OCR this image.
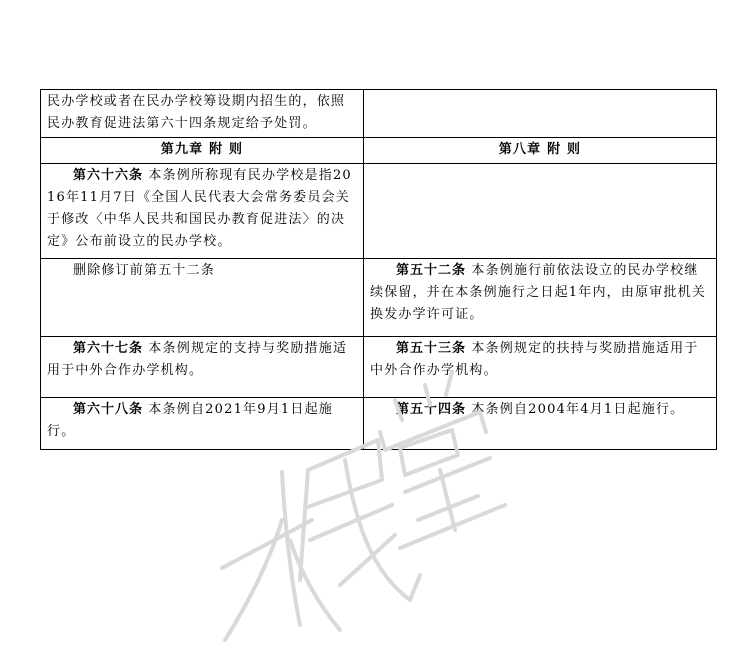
民办学校或者在民办学校筹设期内招生的，依照民办教育促进法第六十四条规定给予处罚。	
第九章 附 则	第八章 附 则
第六十六条 本条例所称现有民办学校是指2016年11月7日《全国人民代表大会常务委员会关于修改〈中华人民共和国民办教育促进法〉的决定》公布前设立的民办学校。	
删除修订前第五十二条	第五十二条 本条例施行前依法设立的民办学校继续保留，并在本条例施行之日起1年内，由原审批机关换发办学许可证。
第六十七条 本条例规定的支持与奖励措施适用于中外合作办学机构。	第五十三条 本条例规定的扶持与奖励措施适用于中外合作办学机构。
第六十八条 本条例自2021年9月1日起施行。	第五十四条 本条例自2004年4月1日起施行。
